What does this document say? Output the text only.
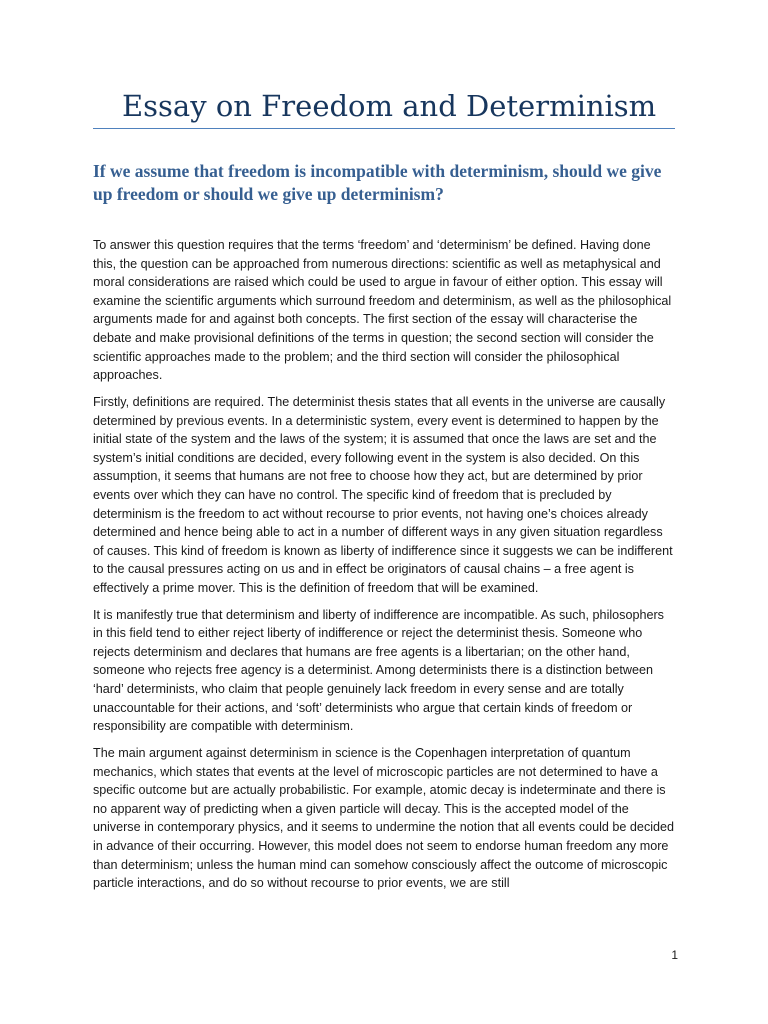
Essay on Freedom and Determinism
If we assume that freedom is incompatible with determinism, should we give up freedom or should we give up determinism?

To answer this question requires that the terms ‘freedom’ and ‘determinism’ be defined. Having done this, the question can be approached from numerous directions: scientific as well as metaphysical and moral considerations are raised which could be used to argue in favour of either option. This essay will examine the scientific arguments which surround freedom and determinism, as well as the philosophical arguments made for and against both concepts. The first section of the essay will characterise the debate and make provisional definitions of the terms in question; the second section will consider the scientific approaches made to the problem; and the third section will consider the philosophical approaches.

Firstly, definitions are required. The determinist thesis states that all events in the universe are causally determined by previous events. In a deterministic system, every event is determined to happen by the initial state of the system and the laws of the system; it is assumed that once the laws are set and the system’s initial conditions are decided, every following event in the system is also decided. On this assumption, it seems that humans are not free to choose how they act, but are determined by prior events over which they can have no control. The specific kind of freedom that is precluded by determinism is the freedom to act without recourse to prior events, not having one’s choices already determined and hence being able to act in a number of different ways in any given situation regardless of causes. This kind of freedom is known as liberty of indifference since it suggests we can be indifferent to the causal pressures acting on us and in effect be originators of causal chains – a free agent is effectively a prime mover. This is the definition of freedom that will be examined.

It is manifestly true that determinism and liberty of indifference are incompatible. As such, philosophers in this field tend to either reject liberty of indifference or reject the determinist thesis. Someone who rejects determinism and declares that humans are free agents is a libertarian; on the other hand, someone who rejects free agency is a determinist. Among determinists there is a distinction between ‘hard’ determinists, who claim that people genuinely lack freedom in every sense and are totally unaccountable for their actions, and ‘soft’ determinists who argue that certain kinds of freedom or responsibility are compatible with determinism.

The main argument against determinism in science is the Copenhagen interpretation of quantum mechanics, which states that events at the level of microscopic particles are not determined to have a specific outcome but are actually probabilistic. For example, atomic decay is indeterminate and there is no apparent way of predicting when a given particle will decay. This is the accepted model of the universe in contemporary physics, and it seems to undermine the notion that all events could be decided in advance of their occurring. However, this model does not seem to endorse human freedom any more than determinism; unless the human mind can somehow consciously affect the outcome of microscopic particle interactions, and do so without recourse to prior events, we are still

1
